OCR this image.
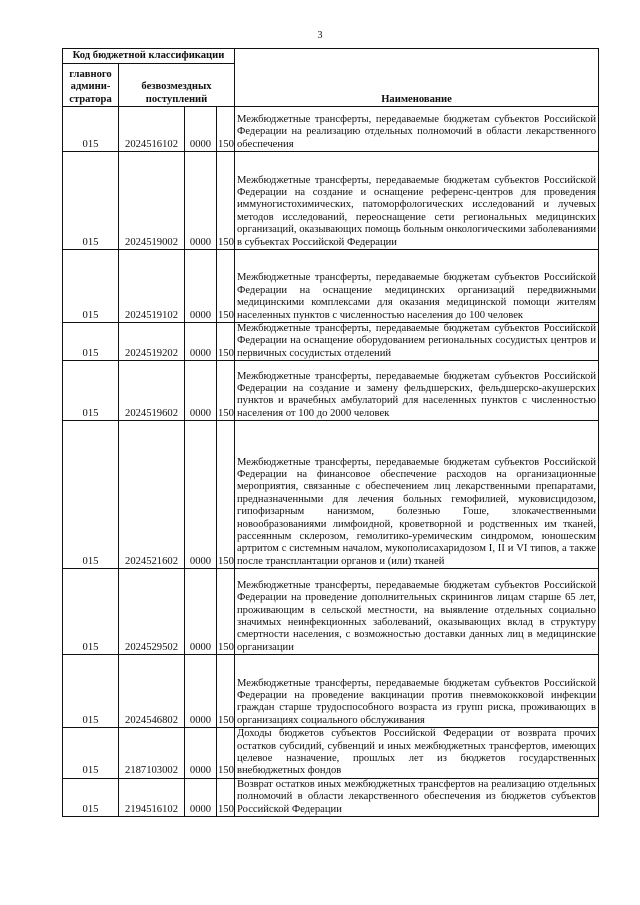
3
Код бюджетной классификации				Наименование
главного админи- стратора	безвозмездных поступлений			
015	2024516102	0000	150	Межбюджетные трансферты, передаваемые бюджетам субъектов Российской Федерации на реализацию отдельных полномочий в области лекарственного обеспечения
015	2024519002	0000	150	Межбюджетные трансферты, передаваемые бюджетам субъектов Российской Федерации на создание и оснащение референс-центров для проведения иммуногистохимических, патоморфологических исследований и лучевых методов исследований, переоснащение сети региональных медицинских организаций, оказывающих помощь больным онкологическими заболеваниями в субъектах Российской Федерации
015	2024519102	0000	150	Межбюджетные трансферты, передаваемые бюджетам субъектов Российской Федерации на оснащение медицинских организаций передвижными медицинскими комплексами для оказания медицинской помощи жителям населенных пунктов с численностью населения до 100 человек
015	2024519202	0000	150	Межбюджетные трансферты, передаваемые бюджетам субъектов Российской Федерации на оснащение оборудованием региональных сосудистых центров и первичных сосудистых отделений
015	2024519602	0000	150	Межбюджетные трансферты, передаваемые бюджетам субъектов Российской Федерации на создание и замену фельдшерских, фельдшерско-акушерских пунктов и врачебных амбулаторий для населенных пунктов с численностью населения от 100 до 2000 человек
015	2024521602	0000	150	Межбюджетные трансферты, передаваемые бюджетам субъектов Российской Федерации на финансовое обеспечение расходов на организационные мероприятия, связанные с обеспечением лиц лекарственными препаратами, предназначенными для лечения больных гемофилией, муковисцидозом, гипофизарным нанизмом, болезнью Гоше, злокачественными новообразованиями лимфоидной, кроветворной и родственных им тканей, рассеянным склерозом, гемолитико-уремическим синдромом, юношеским артритом с системным началом, мукополисахаридозом I, II и VI типов, а также после трансплантации органов и (или) тканей
015	2024529502	0000	150	Межбюджетные трансферты, передаваемые бюджетам субъектов Российской Федерации на проведение дополнительных скринингов лицам старше 65 лет, проживающим в сельской местности, на выявление отдельных социально значимых неинфекционных заболеваний, оказывающих вклад в структуру смертности населения, с возможностью доставки данных лиц в медицинские организации
015	2024546802	0000	150	Межбюджетные трансферты, передаваемые бюджетам субъектов Российской Федерации на проведение вакцинации против пневмококковой инфекции граждан старше трудоспособного возраста из групп риска, проживающих в организациях социального обслуживания
015	2187103002	0000	150	Доходы бюджетов субъектов Российской Федерации от возврата прочих остатков субсидий, субвенций и иных межбюджетных трансфертов, имеющих целевое назначение, прошлых лет из бюджетов государственных внебюджетных фондов
015	2194516102	0000	150	Возврат остатков иных межбюджетных трансфертов на реализацию отдельных полномочий в области лекарственного обеспечения из бюджетов субъектов Российской Федерации
